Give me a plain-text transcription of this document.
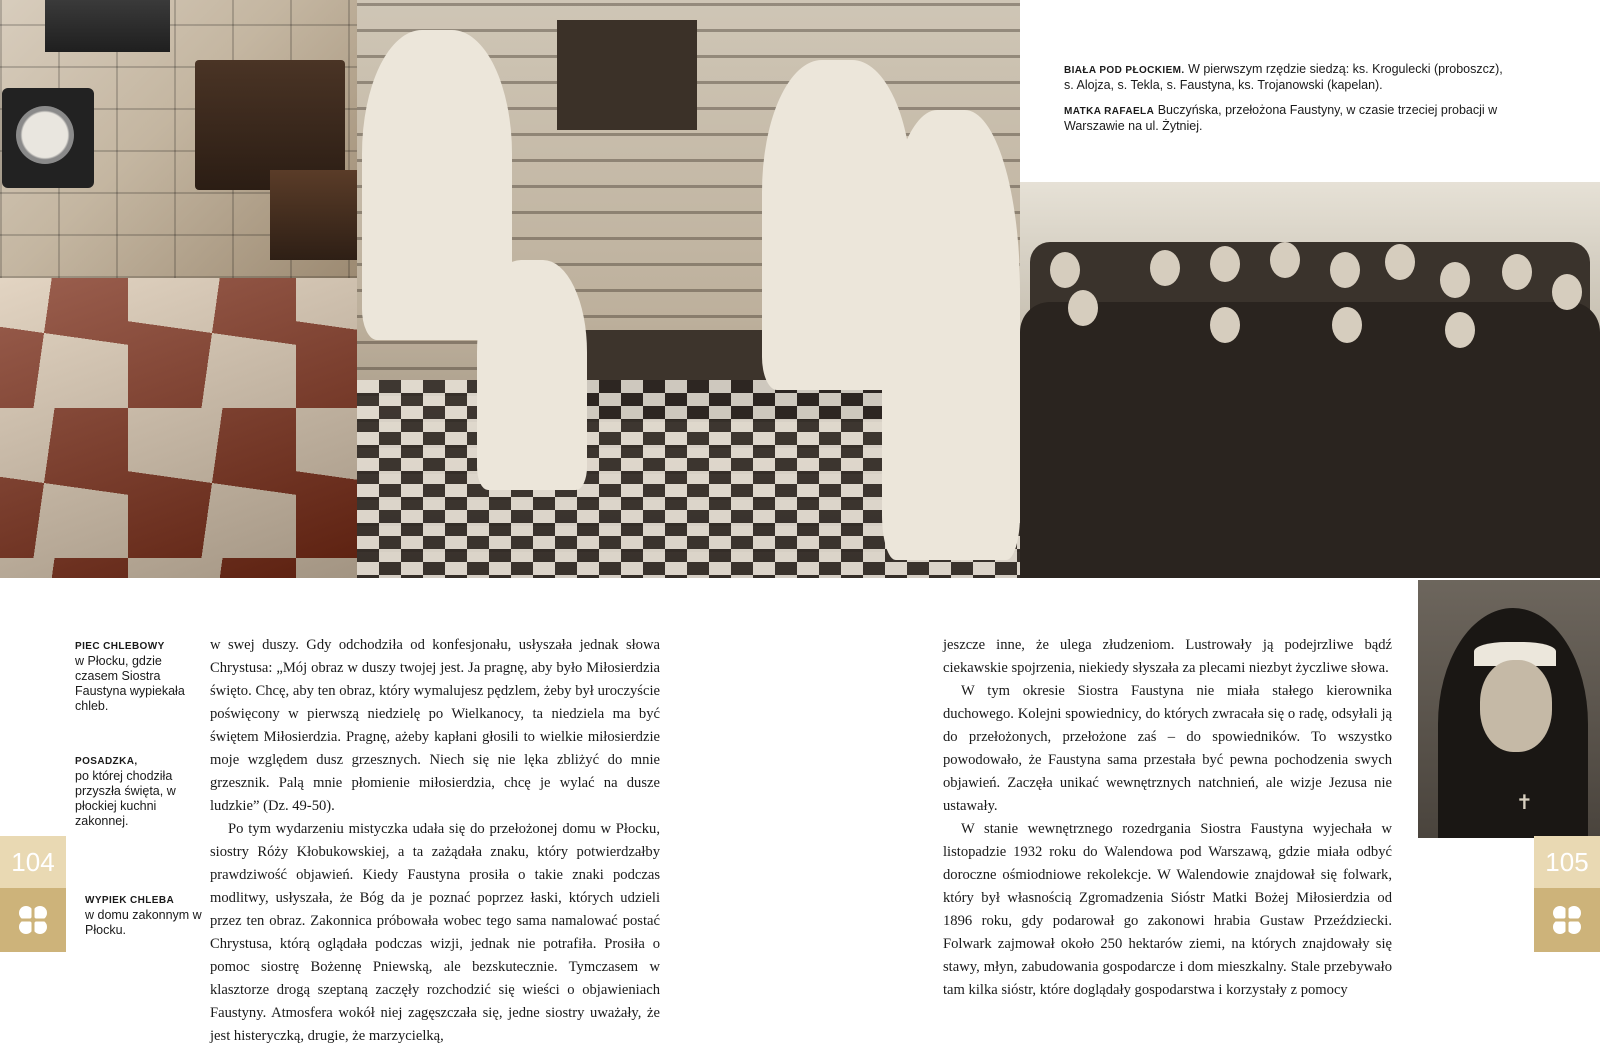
✝

BIAŁA POD PŁOCKIEM. W pierwszym rzędzie siedzą: ks. Krogulecki (proboszcz), s. Alojza, s. Tekla, s. Faustyna, ks. Trojanowski (kapelan).

MATKA RAFAELA Buczyńska, przełożona Faustyny, w czasie trzeciej probacji w Warszawie na ul. Żytniej.

PIEC CHLEBOWY
w Płocku, gdzie czasem Siostra Faustyna wypiekała chleb.
POSADZKA,
po której chodziła przyszła święta, w płockiej kuchni zakonnej.
WYPIEK CHLEBA
w domu zakonnym w Płocku.

w swej duszy. Gdy odchodziła od konfesjonału, usłyszała jednak słowa Chrystusa: „Mój obraz w duszy twojej jest. Ja pragnę, aby było Miłosierdzia święto. Chcę, aby ten obraz, który wymalujesz pędzlem, żeby był uroczyście poświęcony w pierwszą niedzielę po Wielkanocy, ta niedziela ma być świętem Miłosierdzia. Pragnę, ażeby kapłani głosili to wielkie miłosierdzie moje względem dusz grzesznych. Niech się nie lęka zbliżyć do mnie grzesznik. Palą mnie płomienie miłosierdzia, chcę je wylać na dusze ludzkie” (Dz. 49-50).

Po tym wydarzeniu mistyczka udała się do przełożonej domu w Płocku, siostry Róży Kłobukowskiej, a ta zażądała znaku, który potwierdzałby prawdziwość objawień. Kiedy Faustyna prosiła o takie znaki podczas modlitwy, usłyszała, że Bóg da je poznać poprzez łaski, których udzieli przez ten obraz. Zakonnica próbowała wobec tego sama namalować postać Chrystusa, którą oglądała podczas wizji, jednak nie potrafiła. Prosiła o pomoc siostrę Bożennę Pniewską, ale bezskutecznie. Tymczasem w klasztorze drogą szeptaną zaczęły rozchodzić się wieści o objawieniach Faustyny. Atmosfera wokół niej zagęszczała się, jedne siostry uważały, że jest histeryczką, drugie, że marzycielką,

jeszcze inne, że ulega złudzeniom. Lustrowały ją podejrzliwe bądź ciekawskie spojrzenia, niekiedy słyszała za plecami niezbyt życzliwe słowa.

W tym okresie Siostra Faustyna nie miała stałego kierownika duchowego. Kolejni spowiednicy, do których zwracała się o radę, odsyłali ją do przełożonych, przełożone zaś – do spowiedników. To wszystko powodowało, że Faustyna sama przestała być pewna pochodzenia swych objawień. Zaczęła unikać wewnętrznych natchnień, ale wizje Jezusa nie ustawały.

W stanie wewnętrznego rozedrgania Siostra Faustyna wyjechała w listopadzie 1932 roku do Walendowa pod Warszawą, gdzie miała odbyć doroczne ośmiodniowe rekolekcje. W Walendowie znajdował się folwark, który był własnością Zgromadzenia Sióstr Matki Bożej Miłosierdzia od 1896 roku, gdy podarował go zakonowi hrabia Gustaw Przeździecki. Folwark zajmował około 250 hektarów ziemi, na których znajdowały się stawy, młyn, zabudowania gospodarcze i dom mieszkalny. Stale przebywało tam kilka sióstr, które doglądały gospodarstwa i korzystały z pomocy

104	105
